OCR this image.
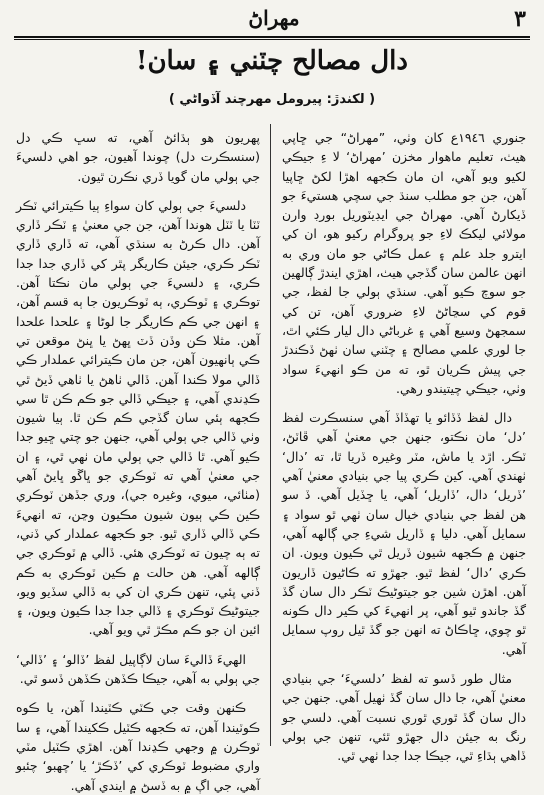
٣
مهراڻ
دال مصالح چٽني ۽ سان!
( لکندڙ: پيرومل مهرچند آڏواڻي )

جنوري ١٩٤٦ع کان وٺي، ”مهراڻ“ جي ڇاپي هيٺ، تعليم ماهوار مخزن ’مهراڻ‘ لا ءِ جيڪي لکيو ويو آهي، ان مان ڪجهه اهڙا لکڻ ڇاپيا آهن، جن جو مطلب سنڌ جي سچي هستيءَ جو ڏيکارڻ آهي. مهراڻ جي ايڊيٽوريل بورڊ وارن مولائي ليکڪ لاءِ جو پروگرام رکيو هو، ان کي ايترو جلد علم ۽ عمل ڪاڻي جو مان وري به انهن عالمن سان گڏجي هيٺ، اهڙي ايندڙ ڳالهين جو سوچ ڪيو آهي. سنڌي ٻولي جا لفظ، جي قوم کي سڃاڻڻ لاءِ ضروري آهن، تن کي سمجهڻ وسيع آهي ۽ غرباڻي دال ليار ڪئي اٿ، جا لوري علمي مصالح ۽ چٽني سان ٺهڻ ڏڪندڙ جي پيش ڪريان ٿو، ته من ڪو انهيءَ سواد وٺي، جيڪي چيتيندو رهي.

دال لفظ ڏڏائو يا تهڏاڏ آهي سنسڪرت لفظ ’دل‘ مان نڪتو، جنهن جي معنيٰ آهي ڦاٽڻ، ٽڪر. اڙد يا ماش، مٽر وغيره ڏريا ٿا، ته ’دال‘ ٺهندي آهي. کين ڪري پيا جي بنيادي معنيٰ آهي ’ڏريل‘ دال، ’ڏاريل‘ آهي، يا ڇڏيل آهي. ڏ سو هن لفظ جي بنيادي خيال سان ٺهي ٿو سواد ۽ سمايل آهي. دليا ۽ ڏاريل شيءِ جي ڳالهه آهي، جنهن ۾ ڪجهه شيون ڏريل ٿي ڪيون ويون. ان ڪري ’دال‘ لفظ ٿيو. جهڙو ته ڪاڻيون ڏاريون آهن. اهڙن شين جو جيتوڻيڪ ٽڪر دال سان گڏ گڏ جاندو ٿيو آهي، پر انهيءَ کي ڪير دال ڪونه ٿو چوي، ڇاڪاڻ ته انهن جو گڏ ٿيل روپ سمايل آهي.

مثال طور ڏسو ته لفظ ’دلسيءَ‘ جي بنيادي معنيٰ آهي، جا دال سان گڏ ٺهيل آهي. جنهن جي دال سان گڏ ٿوري ٿوري نسبت آهي. دلسي جو رنگ به جيئن دال جهڙو ٿئي، تنهن جي ٻولي ڏاهي ٻڌاءِ ٿي، جيڪا جدا جدا ٺهي ٿي.

پهريون هو ٻڌائڻ آهي، ته سڀ ڪي دل (سنسڪرت دل) چوندا آهيون، جو اهي دلسيءَ جي ٻولي مان گويا ڏري نڪرن ٿيون.

دلسيءَ جي ٻولي کان سواءِ ٻيا ڪيترائي ٽڪر ٽٽا يا ٽٽل هوندا آهن، جن جي معنيٰ ۽ ٽڪر ڏاري آهن. دال ڪرڻ به سنڌي آهي، ته ڏاري ڏاري ٽڪر ڪري، جيئن ڪاريگر پٿر کي ڏاري جدا جدا ڪري، ۽ دلسيءَ جي ٻولي مان نڪتا آهن. توڪري ۽ ٽوڪري، ٻه ٽوڪريون جا ٻه قسم آهن، ۽ انهن جي ڪم ڪاريگر جا لوڻا ۽ علحدا علحدا آهن. مثلا ڪن وڏن ڏٽ ڀهڻ يا ڀنڻ موقعن تي ڪي ٻانهيون آهن، جن مان ڪيترائي عملدار ڪي ڏالي مولا ڪندا آهن. ڏالي ٺاهڻ يا ٺاهي ڏيڻ ٿي ڪڍندي آهي، ۽ جيڪي ڏالي جو ڪم ڪن ٿا سي ڪجهه ٻئي سان گڏجي ڪم ڪن ٿا. ٻيا شيون وٺي ڏالي جي ٻولي آهي، جنهن جو چتي ڇيو جدا ڪيو آهي. ٿا ڏالي جي ٻولي مان ٺهي ٿي، ۽ ان جي معنيٰ آهي ته ٽوڪري جو ڀاڱو ڀايڻ آهي (مٺائي، ميوي، وغيره جي)، وري جڏهن ٽوڪري ڪين ڪي ٻيون شيون مڪيون وڃن، ته انهيءَ ڪي ڏالي ڏاري ٿيو. جو ڪجهه عملدار کي ڏني، ته ٻه چيون ته ٽوڪري هئي. ڏالي ۾ ٽوڪري جي ڳالهه آهي. هن حالت ۾ ڪين ٽوڪري به ڪم ڏني پئي، تنهن ڪري ان کي به ڏالي سڏيو ويو، جيتوڻيڪ ٽوڪري ۽ ڏالي جدا جدا ڪيون ويون، ۽ ائين ان جو ڪم مڪڙ ٿي ويو آهي.

الهيءَ ڏاليءَ سان لاڳاپيل لفظ ’ڏالو‘ ۽ ’ڏالي‘ جي ٻولي به آهي، جيڪا ڪڏهن ڪڏهن ڏسو ٿي.

ڪنهن وقت جي ڪٽي ڪٽيندا آهن، يا ڪوه ڪوٽيندا آهن، ته ڪجهه ڪٽيل ڪکيندا آهي، ۽ سا ٽوڪرن ۾ وجهي ڪڍندا آهن. اهڙي ڪٽيل مٽي واري مضبوط ٽوڪري کي ’ڏڪڙ‘ يا ’چهبو‘ چئبو آهي، جي اڳ ۾ به ڏسڻ ۾ ايندي آهي.
